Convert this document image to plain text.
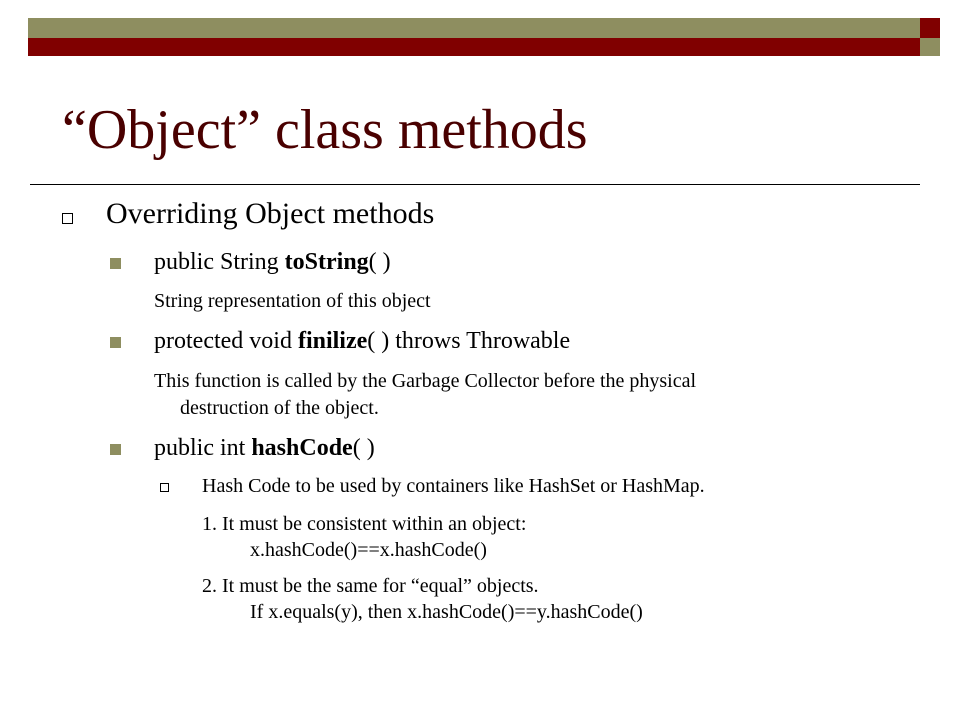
“Object” class methods
Overriding Object methods
public String toString( )
String representation of this object
protected void finilize( ) throws Throwable
This function is called by the Garbage Collector before the physical
destruction of the object.
public int hashCode( )
Hash Code to be used by containers like HashSet or HashMap.
1. It must be consistent within an object:
x.hashCode()==x.hashCode()
2. It must be the same for “equal” objects.
If x.equals(y), then x.hashCode()==y.hashCode()
